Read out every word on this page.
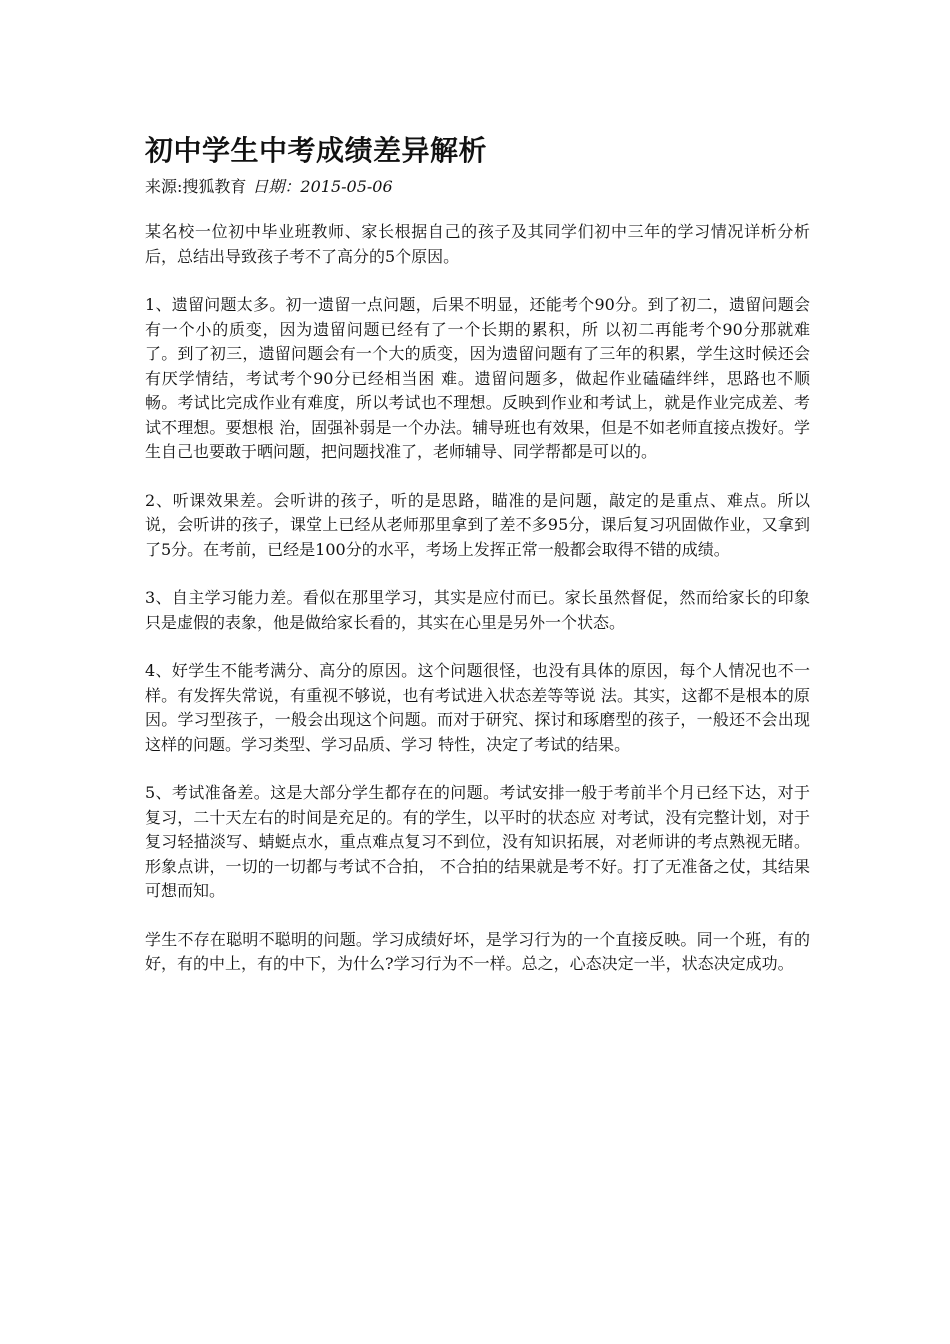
初中学生中考成绩差异解析
来源:搜狐教育 日期：2015-05-06

某名校一位初中毕业班教师、家长根据自己的孩子及其同学们初中三年的学习情况详析分析后，总结出导致孩子考不了高分的5个原因。

1、遗留问题太多。初一遗留一点问题，后果不明显，还能考个90分。到了初二，遗留问题会有一个小的质变，因为遗留问题已经有了一个长期的累积，所 以初二再能考个90分那就难了。到了初三，遗留问题会有一个大的质变，因为遗留问题有了三年的积累，学生这时候还会有厌学情结，考试考个90分已经相当困 难。遗留问题多，做起作业磕磕绊绊，思路也不顺畅。考试比完成作业有难度，所以考试也不理想。反映到作业和考试上，就是作业完成差、考试不理想。要想根 治，固强补弱是一个办法。辅导班也有效果，但是不如老师直接点拨好。学生自己也要敢于晒问题，把问题找准了，老师辅导、同学帮都是可以的。

2、听课效果差。会听讲的孩子，听的是思路，瞄准的是问题，敲定的是重点、难点。所以说，会听讲的孩子，课堂上已经从老师那里拿到了差不多95分，课后复习巩固做作业，又拿到了5分。在考前，已经是100分的水平，考场上发挥正常一般都会取得不错的成绩。

3、自主学习能力差。看似在那里学习，其实是应付而已。家长虽然督促，然而给家长的印象只是虚假的表象，他是做给家长看的，其实在心里是另外一个状态。

4、好学生不能考满分、高分的原因。这个问题很怪，也没有具体的原因，每个人情况也不一样。有发挥失常说，有重视不够说，也有考试进入状态差等等说 法。其实，这都不是根本的原因。学习型孩子，一般会出现这个问题。而对于研究、探讨和琢磨型的孩子，一般还不会出现这样的问题。学习类型、学习品质、学习 特性，决定了考试的结果。

5、考试准备差。这是大部分学生都存在的问题。考试安排一般于考前半个月已经下达，对于复习，二十天左右的时间是充足的。有的学生，以平时的状态应 对考试，没有完整计划，对于复习轻描淡写、蜻蜓点水，重点难点复习不到位，没有知识拓展，对老师讲的考点熟视无睹。形象点讲，一切的一切都与考试不合拍， 不合拍的结果就是考不好。打了无准备之仗，其结果可想而知。

学生不存在聪明不聪明的问题。学习成绩好坏，是学习行为的一个直接反映。同一个班，有的好，有的中上，有的中下，为什么?学习行为不一样。总之，心态决定一半，状态决定成功。
